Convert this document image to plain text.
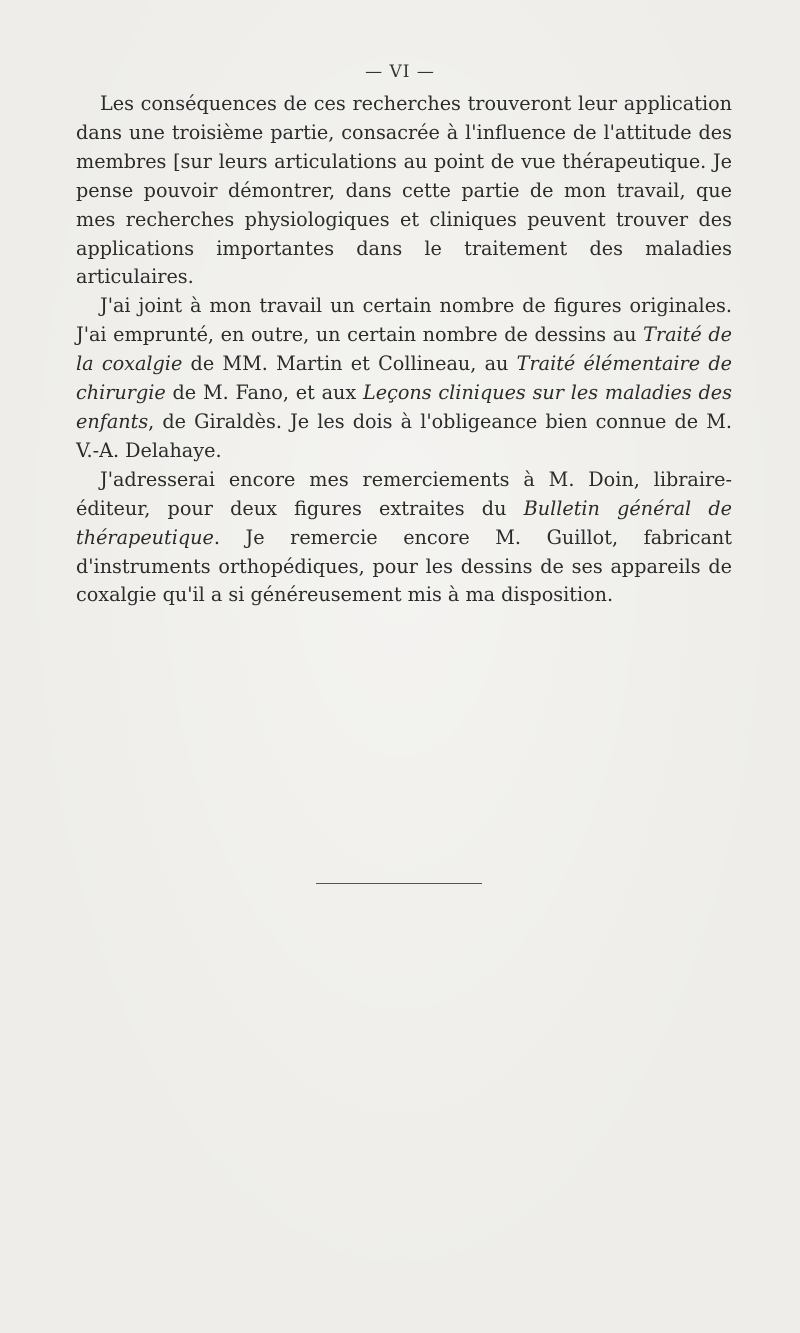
— VI —

Les conséquences de ces recherches trouveront leur application dans une troisième partie, consacrée à l'influence de l'attitude des membres [sur leurs articulations au point de vue thérapeutique. Je pense pouvoir démontrer, dans cette partie de mon travail, que mes recherches physiologiques et cliniques peuvent trouver des applications importantes dans le traitement des maladies articulaires.

J'ai joint à mon travail un certain nombre de figures originales. J'ai emprunté, en outre, un certain nombre de dessins au Traité de la coxalgie de MM. Martin et Collineau, au Traité élémentaire de chirurgie de M. Fano, et aux Leçons cliniques sur les maladies des enfants, de Giraldès. Je les dois à l'obligeance bien connue de M. V.-A. Delahaye.

J'adresserai encore mes remerciements à M. Doin, libraire-éditeur, pour deux figures extraites du Bulletin général de thérapeutique. Je remercie encore M. Guillot, fabricant d'instruments orthopédiques, pour les dessins de ses appareils de coxalgie qu'il a si généreusement mis à ma disposition.
